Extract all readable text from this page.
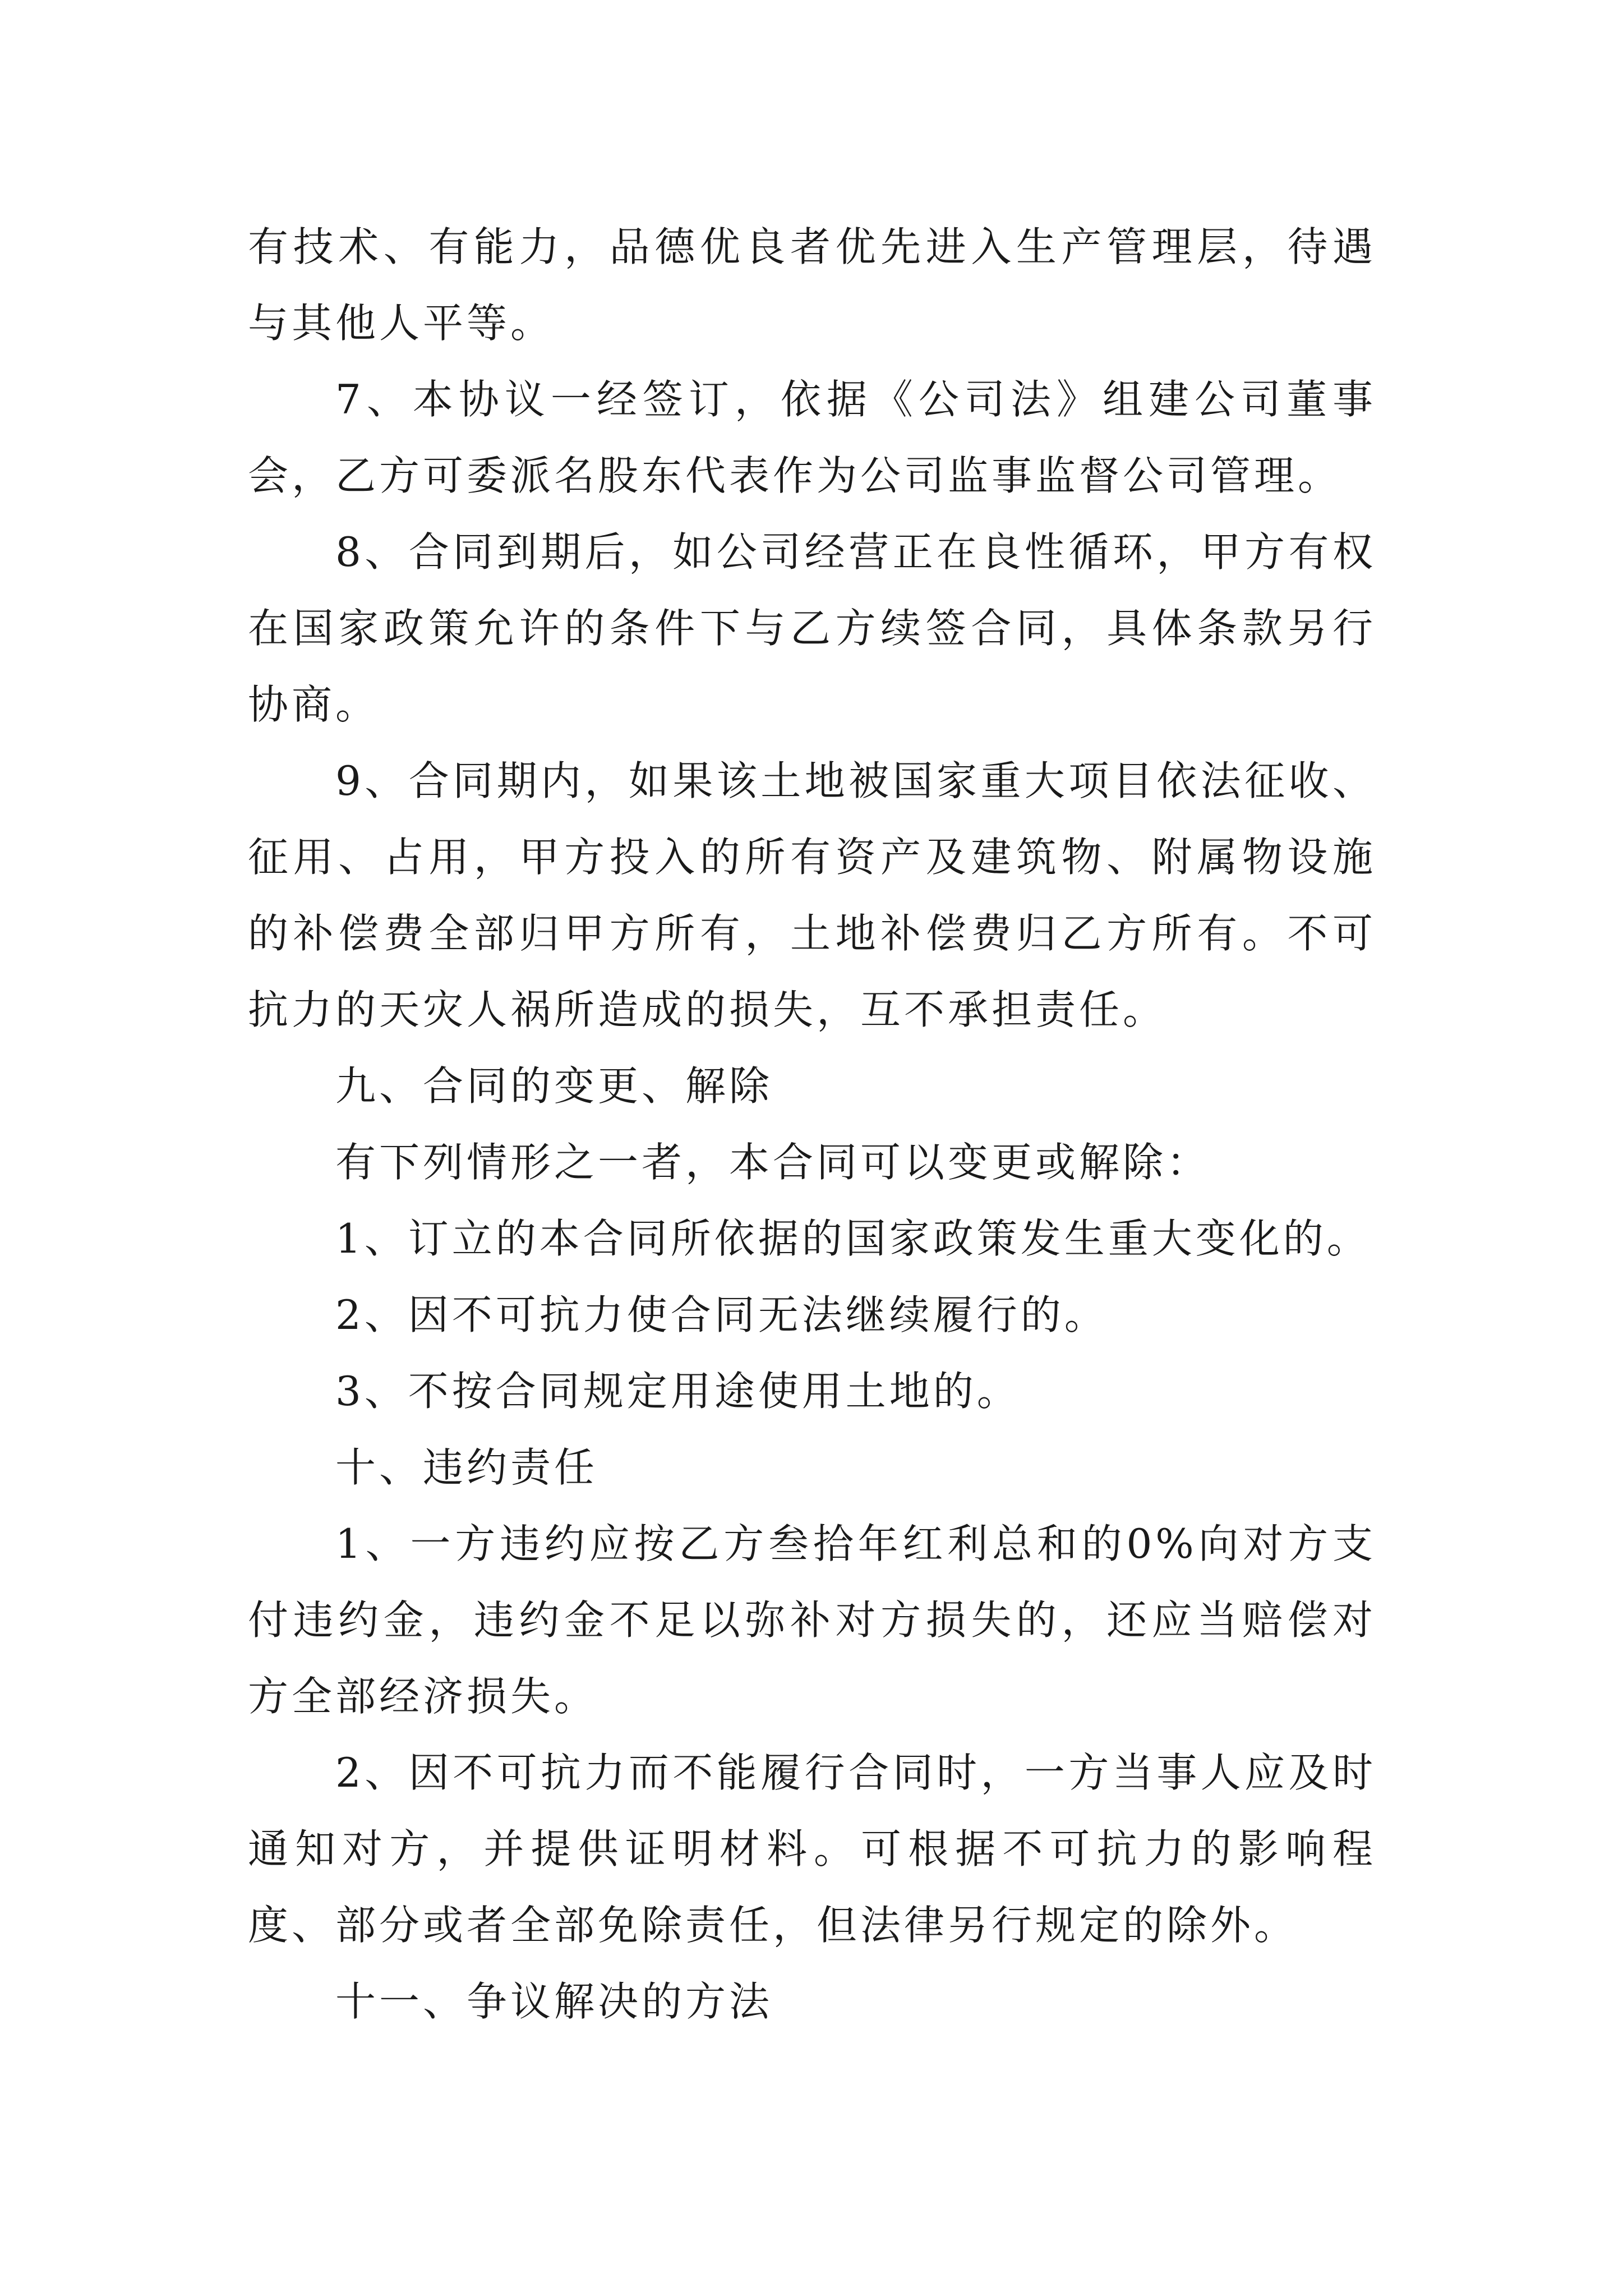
有技术、有能力，品德优良者优先进入生产管理层，待遇与其他人平等。

7、本协议一经签订，依据《公司法》组建公司董事会，乙方可委派名股东代表作为公司监事监督公司管理。

8、合同到期后，如公司经营正在良性循环，甲方有权在国家政策允许的条件下与乙方续签合同，具体条款另行协商。

9、合同期内，如果该土地被国家重大项目依法征收、征用、占用，甲方投入的所有资产及建筑物、附属物设施的补偿费全部归甲方所有，土地补偿费归乙方所有。不可抗力的天灾人祸所造成的损失，互不承担责任。

九、合同的变更、解除

有下列情形之一者，本合同可以变更或解除：

1、订立的本合同所依据的国家政策发生重大变化的。

2、因不可抗力使合同无法继续履行的。

3、不按合同规定用途使用土地的。

十、违约责任

1、一方违约应按乙方叁拾年红利总和的0%向对方支付违约金，违约金不足以弥补对方损失的，还应当赔偿对方全部经济损失。

2、因不可抗力而不能履行合同时，一方当事人应及时通知对方，并提供证明材料。可根据不可抗力的影响程度、部分或者全部免除责任，但法律另行规定的除外。

十一、争议解决的方法
